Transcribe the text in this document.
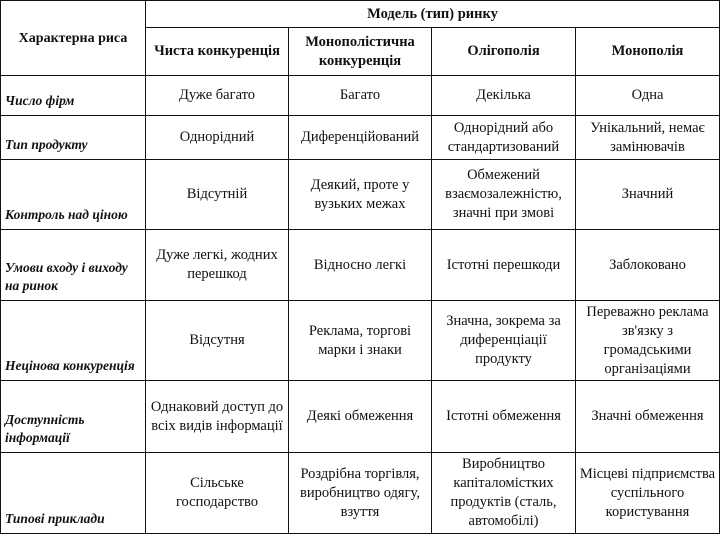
Характерна риса	Модель (тип) ринку			
	Чиста конкуренція	Монополістична конкуренція	Олігополія	Монополія
Число фірм	Дуже багато	Багато	Декілька	Одна
Тип продукту	Однорідний	Диференційований	Однорідний або стандартизований	Унікальний, немає замінювачів
Контроль над ціною	Відсутній	Деякий, проте у вузьких межах	Обмежений взаємозалежністю, значні при змові	Значний
Умови входу і виходу на ринок	Дуже легкі, жодних перешкод	Відносно легкі	Істотні перешкоди	Заблоковано
Нецінова конкуренція	Відсутня	Реклама, торгові марки і знаки	Значна, зокрема за диференціації продукту	Переважно реклама зв'язку з громадськими організаціями
Доступність інформації	Однаковий доступ до всіх видів інформації	Деякі обмеження	Істотні обмеження	Значні обмеження
Типові приклади	Сільське господарство	Роздрібна торгівля, виробництво одягу, взуття	Виробництво капіталомістких продуктів (сталь, автомобілі)	Місцеві підприємства суспільного користування
